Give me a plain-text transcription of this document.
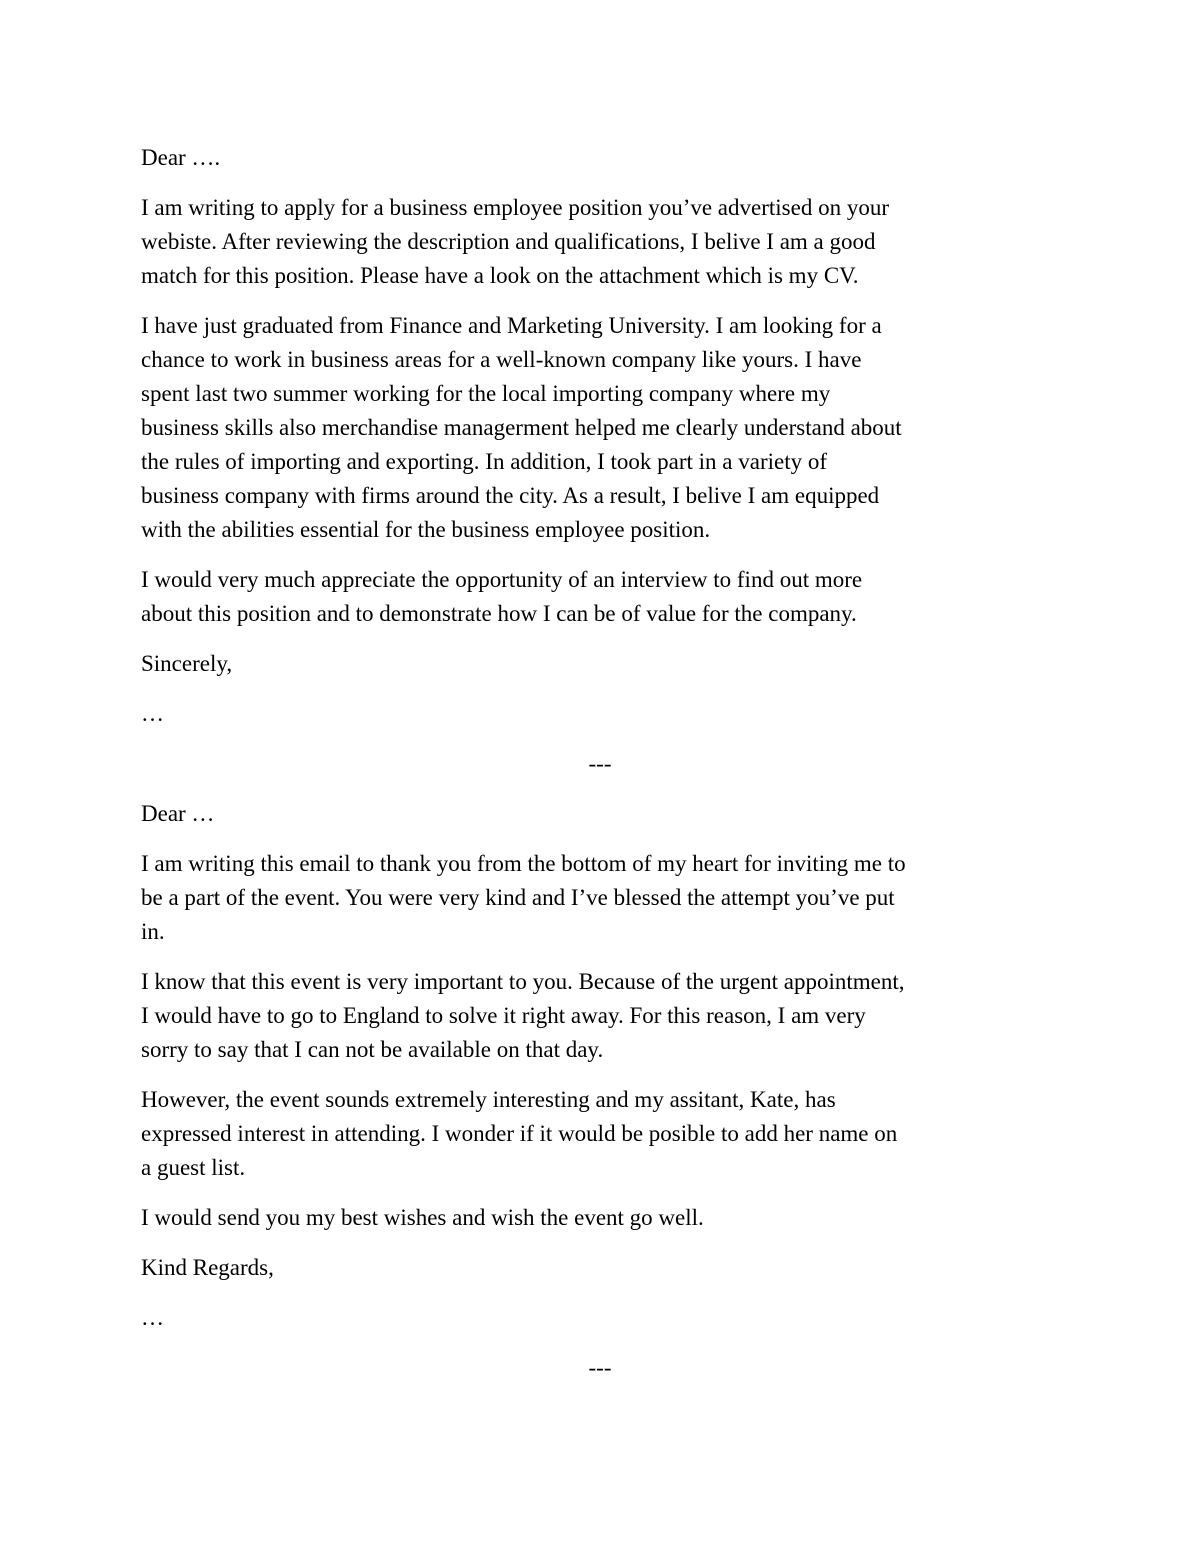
Dear ….

I am writing to apply for a business employee position you’ve advertised on your

webiste. After reviewing the description and qualifications, I belive I am a good

match for this position. Please have a look on the attachment which is my CV.

I have just graduated from Finance and Marketing University. I am looking for a

chance to work in business areas for a well-known company like yours. I have

spent last two summer working for the local importing company where my

business skills also merchandise managerment helped me clearly understand about

the rules of importing and exporting. In addition, I took part in a variety of

business company with firms around the city. As a result, I belive I am equipped

with the abilities essential for the business employee position.

I would very much appreciate the opportunity of an interview to find out more

about this position and to demonstrate how I can be of value for the company.

Sincerely,

…

---

Dear …

I am writing this email to thank you from the bottom of my heart for inviting me to

be a part of the event. You were very kind and I’ve blessed the attempt you’ve put

in.

I know that this event is very important to you. Because of the urgent appointment,

I would have to go to England to solve it right away. For this reason, I am very

sorry to say that I can not be available on that day.

However, the event sounds extremely interesting and my assitant, Kate, has

expressed interest in attending. I wonder if it would be posible to add her name on

a guest list.

I would send you my best wishes and wish the event go well.

Kind Regards,

…

---
